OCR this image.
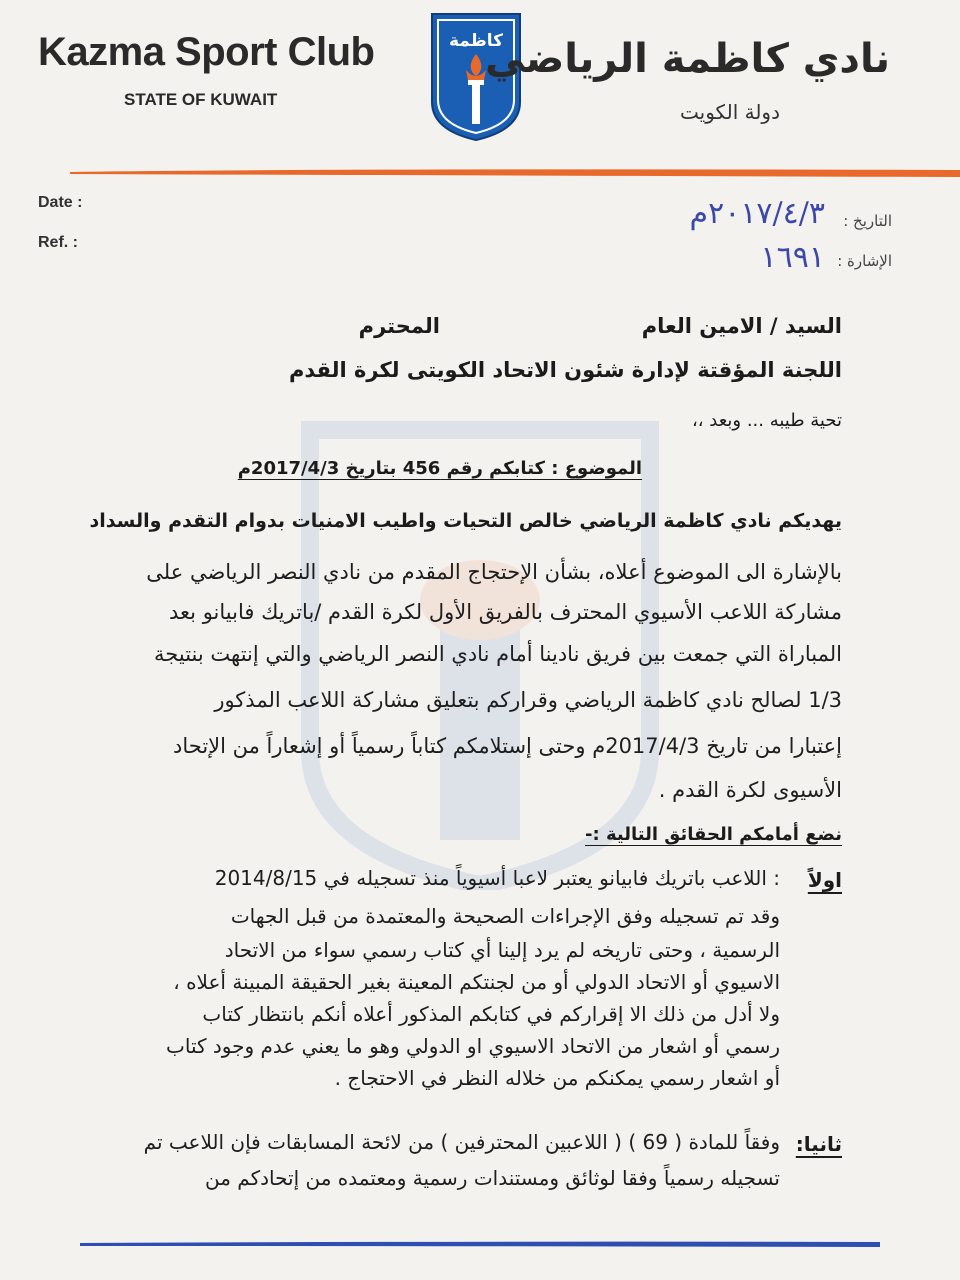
Kazma Sport Club
STATE OF KUWAIT
كاظمة
نادي كاظمة الرياضي
دولة الكويت
Date :
Ref. :
التاريخ :
الإشارة :
٢٠١٧/٤/٣م
١٦٩١
السيد / الامين العام
المحترم
اللجنة المؤقتة لإدارة شئون الاتحاد الكويتى لكرة القدم
تحية طيبه ... وبعد ،،
الموضوع : كتابكم رقم 456 بتاريخ 2017/4/3م
يهديكم نادي كاظمة الرياضي خالص التحيات واطيب الامنيات بدوام التقدم والسداد
بالإشارة الى الموضوع أعلاه، بشأن الإحتجاج المقدم من نادي النصر الرياضي على
مشاركة اللاعب الأسيوي المحترف بالفريق الأول لكرة القدم /باتريك فابيانو بعد
المباراة التي جمعت بين فريق نادينا أمام نادي النصر الرياضي والتي إنتهت بنتيجة
1/3 لصالح نادي كاظمة الرياضي وقراركم بتعليق مشاركة اللاعب المذكور
إعتبارا من تاريخ 2017/4/3م وحتى إستلامكم كتاباً رسمياً أو إشعاراً من الإتحاد
الأسيوى لكرة القدم .
نضع أمامكم الحقائق التالية :-
اولاً
: اللاعب باتريك فابيانو يعتبر لاعبا أسيوياً منذ تسجيله في 2014/8/15
وقد تم تسجيله وفق الإجراءات الصحيحة والمعتمدة من قبل الجهات
الرسمية ، وحتى تاريخه لم يرد إلينا أي كتاب رسمي سواء من الاتحاد
الاسيوي أو الاتحاد الدولي أو من لجنتكم المعينة بغير الحقيقة المبينة أعلاه ،
ولا أدل من ذلك الا إقراركم في كتابكم المذكور أعلاه أنكم بانتظار كتاب
رسمي أو اشعار من الاتحاد الاسيوي او الدولي وهو ما يعني عدم وجود كتاب
أو اشعار رسمي يمكنكم من خلاله النظر في الاحتجاج .
ثانيا:
وفقاً للمادة ( 69 ) ( اللاعبين المحترفين ) من لائحة المسابقات فإن اللاعب تم
تسجيله رسمياً وفقا لوثائق ومستندات رسمية ومعتمده من إتحادكم من
